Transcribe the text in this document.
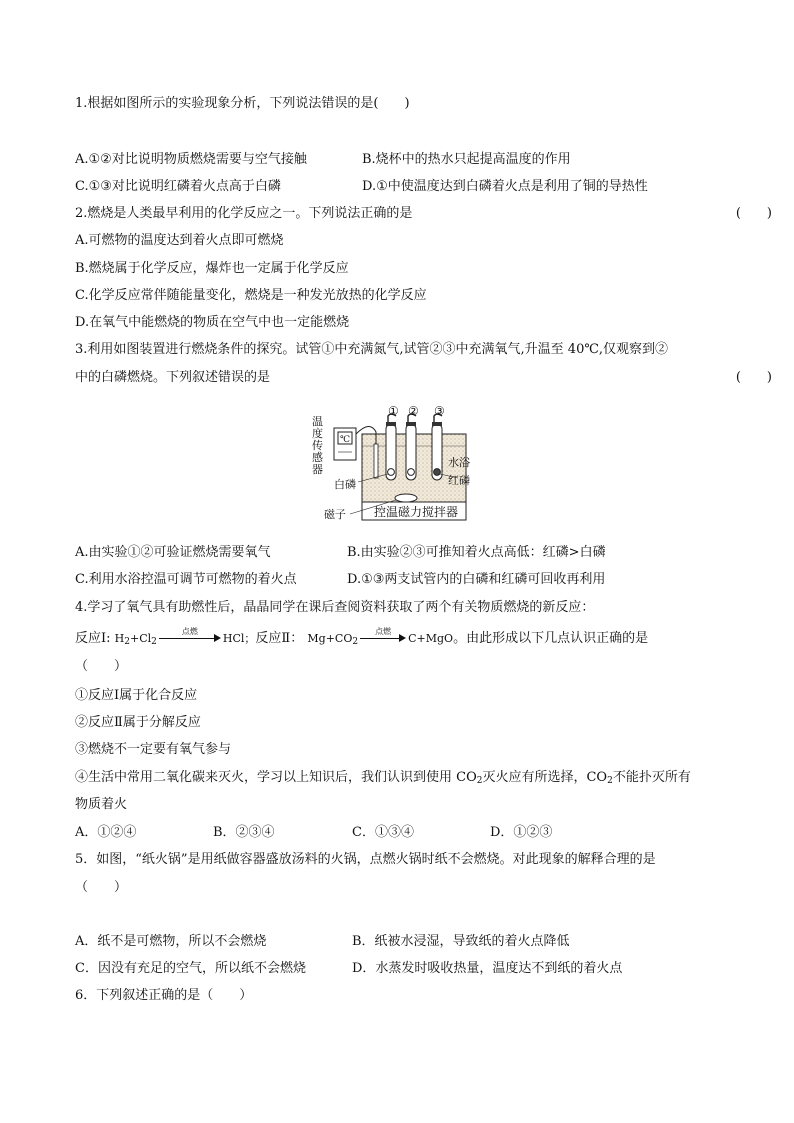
1.根据如图所示的实验现象分析，下列说法错误的是(　　)
A.①②对比说明物质燃烧需要与空气接触	B.烧杯中的热水只起提高温度的作用
C.①③对比说明红磷着火点高于白磷	D.①中使温度达到白磷着火点是利用了铜的导热性
2.燃烧是人类最早利用的化学反应之一。下列说法正确的是	(　　)
A.可燃物的温度达到着火点即可燃烧
B.燃烧属于化学反应，爆炸也一定属于化学反应
C.化学反应常伴随能量变化，燃烧是一种发光放热的化学反应
D.在氧气中能燃烧的物质在空气中也一定能燃烧
3.利用如图装置进行燃烧条件的探究。试管①中充满氮气,试管②③中充满氧气,升温至 40℃,仅观察到②
中的白磷燃烧。下列叙述错误的是	(　　)
① ② ③
温
度
传
感
器
℃
水浴
红磷
白磷
磁子	控温磁力搅拌器
A.由实验①②可验证燃烧需要氧气	B.由实验②③可推知着火点高低：红磷>白磷
C.利用水浴控温可调节可燃物的着火点	D.①③两支试管内的白磷和红磷可回收再利用
4.学习了氧气具有助燃性后，晶晶同学在课后查阅资料获取了两个有关物质燃烧的新反应：
反应Ⅰ: $H_2+Cl_2$
点燃
HCl；反应Ⅱ： $Mg+CO_2$
点燃
C+MgO。由此形成以下几点认识正确的是
（　　）
①反应Ⅰ属于化合反应
②反应Ⅱ属于分解反应
③燃烧不一定要有氧气参与
④生活中常用二氧化碳来灭火，学习以上知识后，我们认识到使用 $CO_2$灭火应有所选择，$CO_2$不能扑灭所有
物质着火
A．①②④	B．②③④	C．①③④	D．①②③
5．如图，“纸火锅”是用纸做容器盛放汤料的火锅，点燃火锅时纸不会燃烧。对此现象的解释合理的是
（　　）
A．纸不是可燃物，所以不会燃烧	B．纸被水浸湿，导致纸的着火点降低
C．因没有充足的空气，所以纸不会燃烧	D．水蒸发时吸收热量，温度达不到纸的着火点
6．下列叙述正确的是（　　）
